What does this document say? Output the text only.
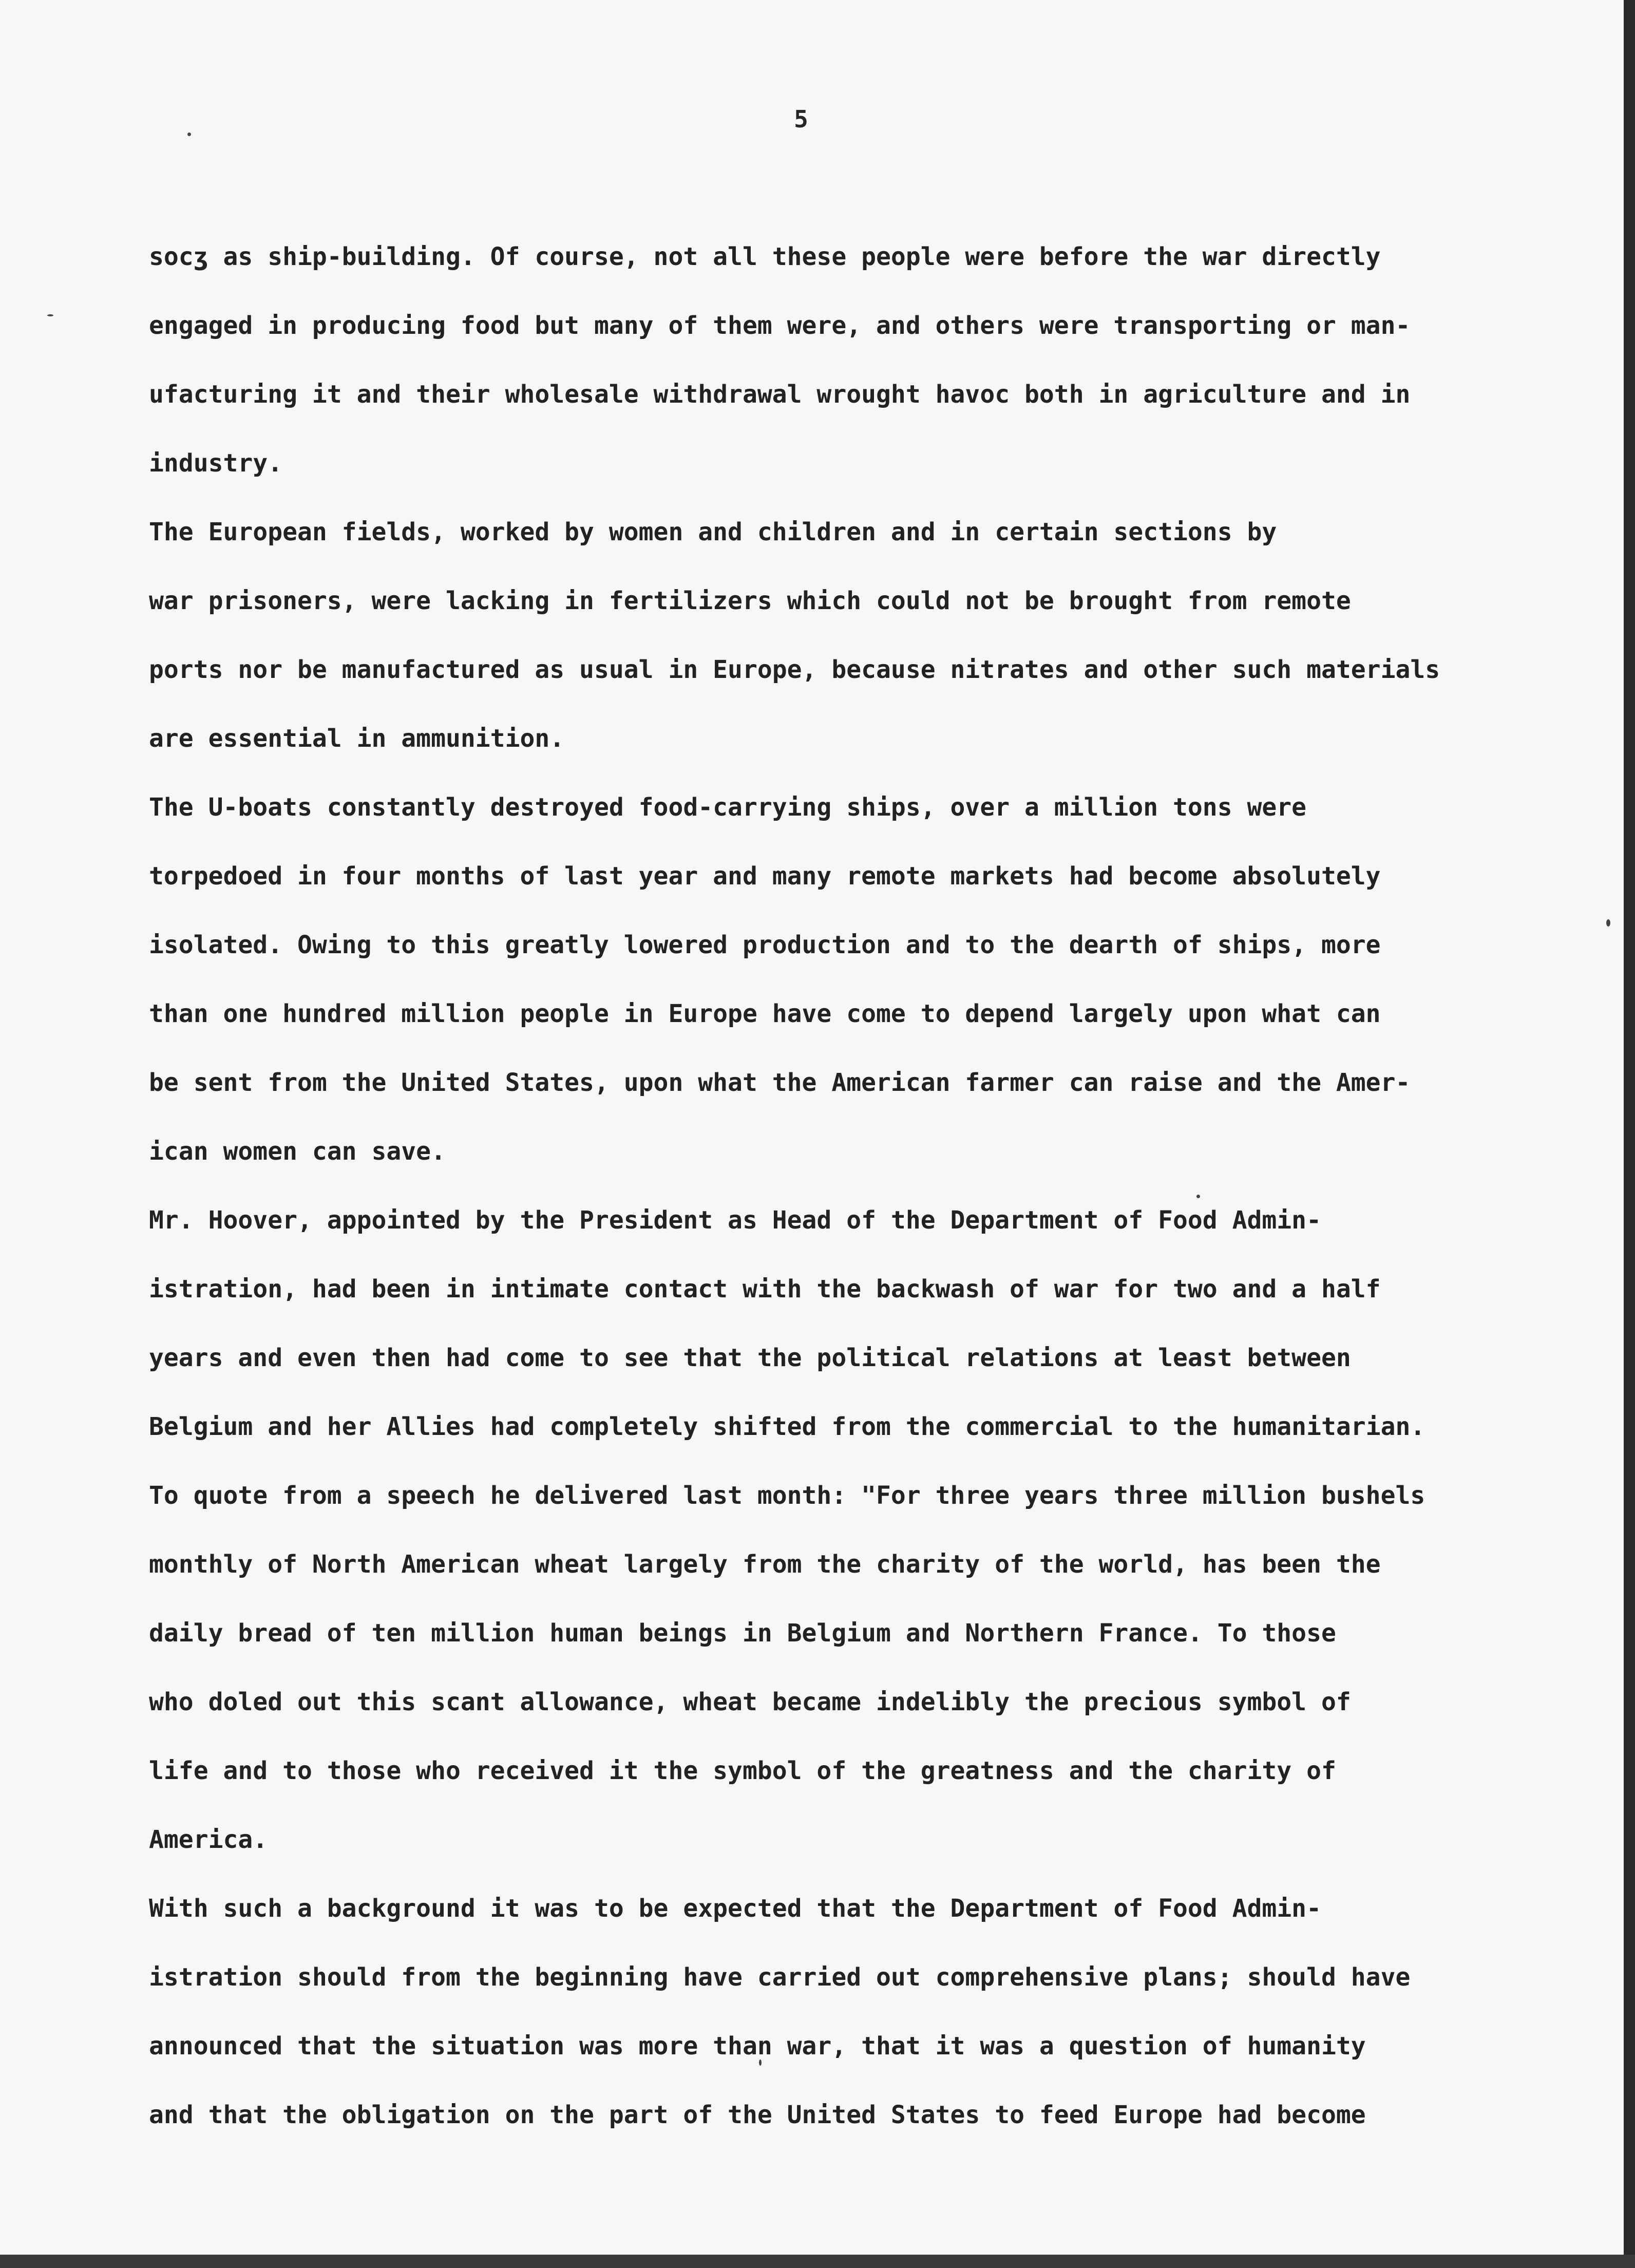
5
socʒ as ship-building. Of course, not all these people were before the war directly
engaged in producing food but many of them were, and others were transporting or man-
ufacturing it and their wholesale withdrawal wrought havoc both in agriculture and in
industry.
The European fields, worked by women and children and in certain sections by
war prisoners, were lacking in fertilizers which could not be brought from remote
ports nor be manufactured as usual in Europe, because nitrates and other such materials
are essential in ammunition.
The U-boats constantly destroyed food-carrying ships, over a million tons were
torpedoed in four months of last year and many remote markets had become absolutely
isolated. Owing to this greatly lowered production and to the dearth of ships, more
than one hundred million people in Europe have come to depend largely upon what can
be sent from the United States, upon what the American farmer can raise and the Amer-
ican women can save.
Mr. Hoover, appointed by the President as Head of the Department of Food Admin-
istration, had been in intimate contact with the backwash of war for two and a half
years and even then had come to see that the political relations at least between
Belgium and her Allies had completely shifted from the commercial to the humanitarian.
To quote from a speech he delivered last month: "For three years three million bushels
monthly of North American wheat largely from the charity of the world, has been the
daily bread of ten million human beings in Belgium and Northern France. To those
who doled out this scant allowance, wheat became indelibly the precious symbol of
life and to those who received it the symbol of the greatness and the charity of
America.
With such a background it was to be expected that the Department of Food Admin-
istration should from the beginning have carried out comprehensive plans; should have
announced that the situation was more than war, that it was a question of humanity
and that the obligation on the part of the United States to feed Europe had become
